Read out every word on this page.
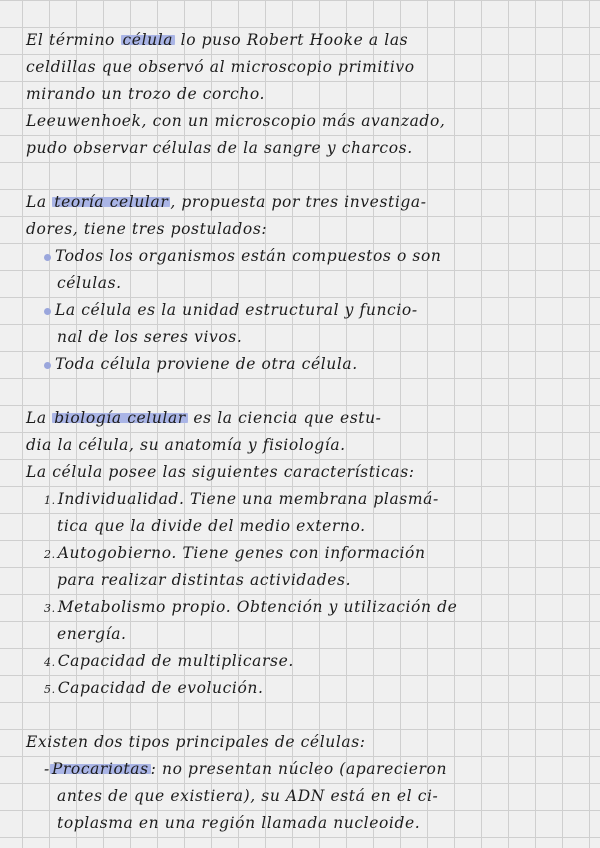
El término célula lo puso Robert Hooke a las
celdillas que observó al microscopio primitivo
mirando un trozo de corcho.
Leeuwenhoek, con un microscopio más avanzado,
pudo observar células de la sangre y charcos.
La teoría celular , propuesta por tres investiga-
dores, tiene tres postulados:
Todos los organismos están compuestos o son
células.
La célula es la unidad estructural y funcio-
nal de los seres vivos.
Toda célula proviene de otra célula.
La biología celular es la ciencia que estu-
dia la célula, su anatomía y fisiología.
La célula posee las siguientes características:
1. Individualidad. Tiene una membrana plasmá-
tica que la divide del medio externo.
2. Autogobierno. Tiene genes con información
para realizar distintas actividades.
3. Metabolismo propio. Obtención y utilización de
energía.
4. Capacidad de multiplicarse.
5. Capacidad de evolución.
Existen dos tipos principales de células:
- Procariotas : no presentan núcleo (aparecieron
antes de que existiera), su ADN está en el ci-
toplasma en una región llamada nucleoide.
